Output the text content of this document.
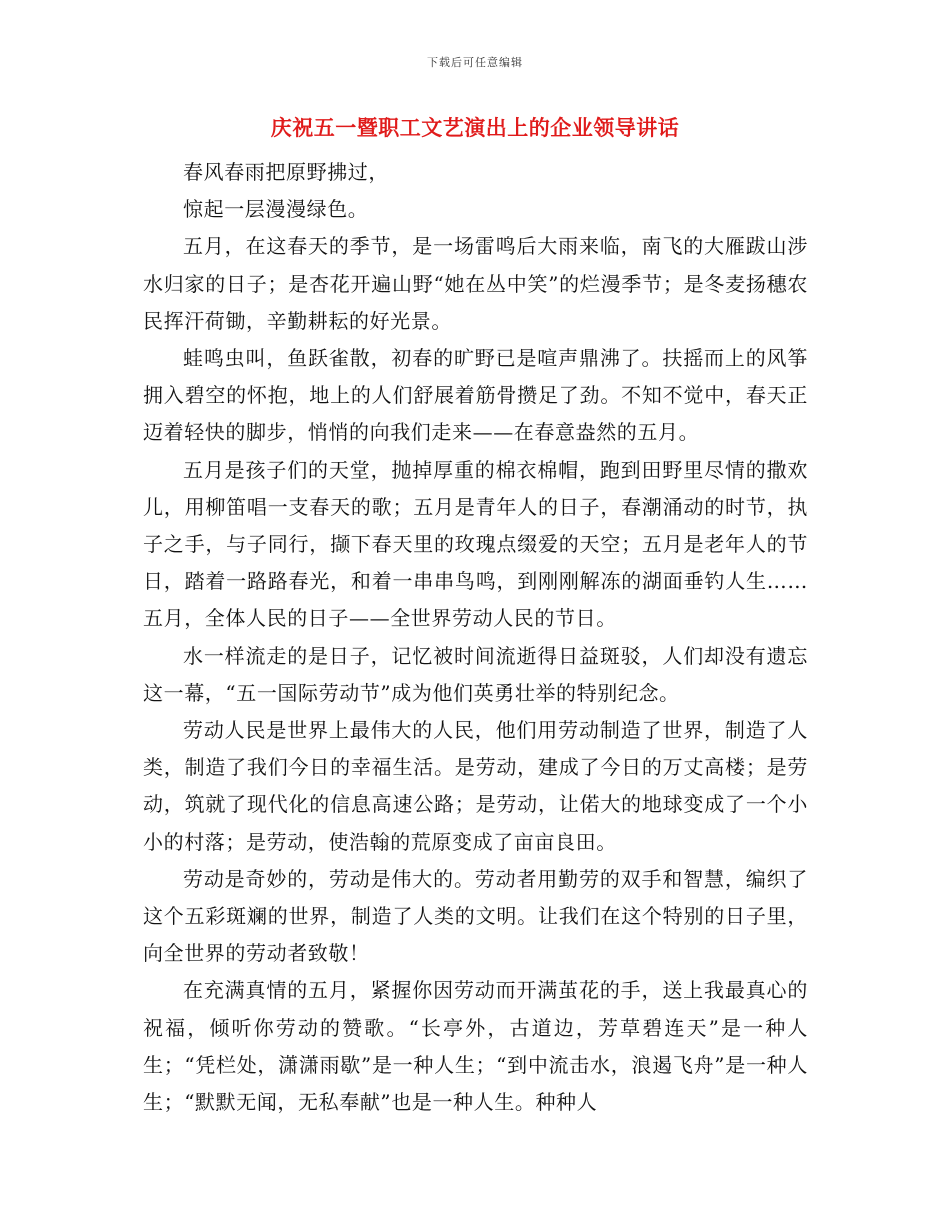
下载后可任意编辑
庆祝五一暨职工文艺演出上的企业领导讲话

春风春雨把原野拂过，

惊起一层漫漫绿色。

五月，在这春天的季节，是一场雷鸣后大雨来临，南飞的大雁跋山涉水归家的日子；是杏花开遍山野“她在丛中笑”的烂漫季节；是冬麦扬穗农民挥汗荷锄，辛勤耕耘的好光景。

蛙鸣虫叫，鱼跃雀散，初春的旷野已是喧声鼎沸了。扶摇而上的风筝拥入碧空的怀抱，地上的人们舒展着筋骨攒足了劲。不知不觉中，春天正迈着轻快的脚步，悄悄的向我们走来——在春意盎然的五月。

五月是孩子们的天堂，抛掉厚重的棉衣棉帽，跑到田野里尽情的撒欢儿，用柳笛唱一支春天的歌；五月是青年人的日子，春潮涌动的时节，执子之手，与子同行，撷下春天里的玫瑰点缀爱的天空；五月是老年人的节日，踏着一路路春光，和着一串串鸟鸣，到刚刚解冻的湖面垂钓人生……五月，全体人民的日子——全世界劳动人民的节日。

水一样流走的是日子，记忆被时间流逝得日益斑驳，人们却没有遗忘这一幕，“五一国际劳动节”成为他们英勇壮举的特别纪念。

劳动人民是世界上最伟大的人民，他们用劳动制造了世界，制造了人类，制造了我们今日的幸福生活。是劳动，建成了今日的万丈高楼；是劳动，筑就了现代化的信息高速公路；是劳动，让偌大的地球变成了一个小小的村落；是劳动，使浩翰的荒原变成了亩亩良田。

劳动是奇妙的，劳动是伟大的。劳动者用勤劳的双手和智慧，编织了这个五彩斑斓的世界，制造了人类的文明。让我们在这个特别的日子里，向全世界的劳动者致敬！

在充满真情的五月，紧握你因劳动而开满茧花的手，送上我最真心的祝福，倾听你劳动的赞歌。“长亭外，古道边，芳草碧连天”是一种人生；“凭栏处，潇潇雨歇”是一种人生；“到中流击水，浪遏飞舟”是一种人生；“默默无闻，无私奉献”也是一种人生。种种人
